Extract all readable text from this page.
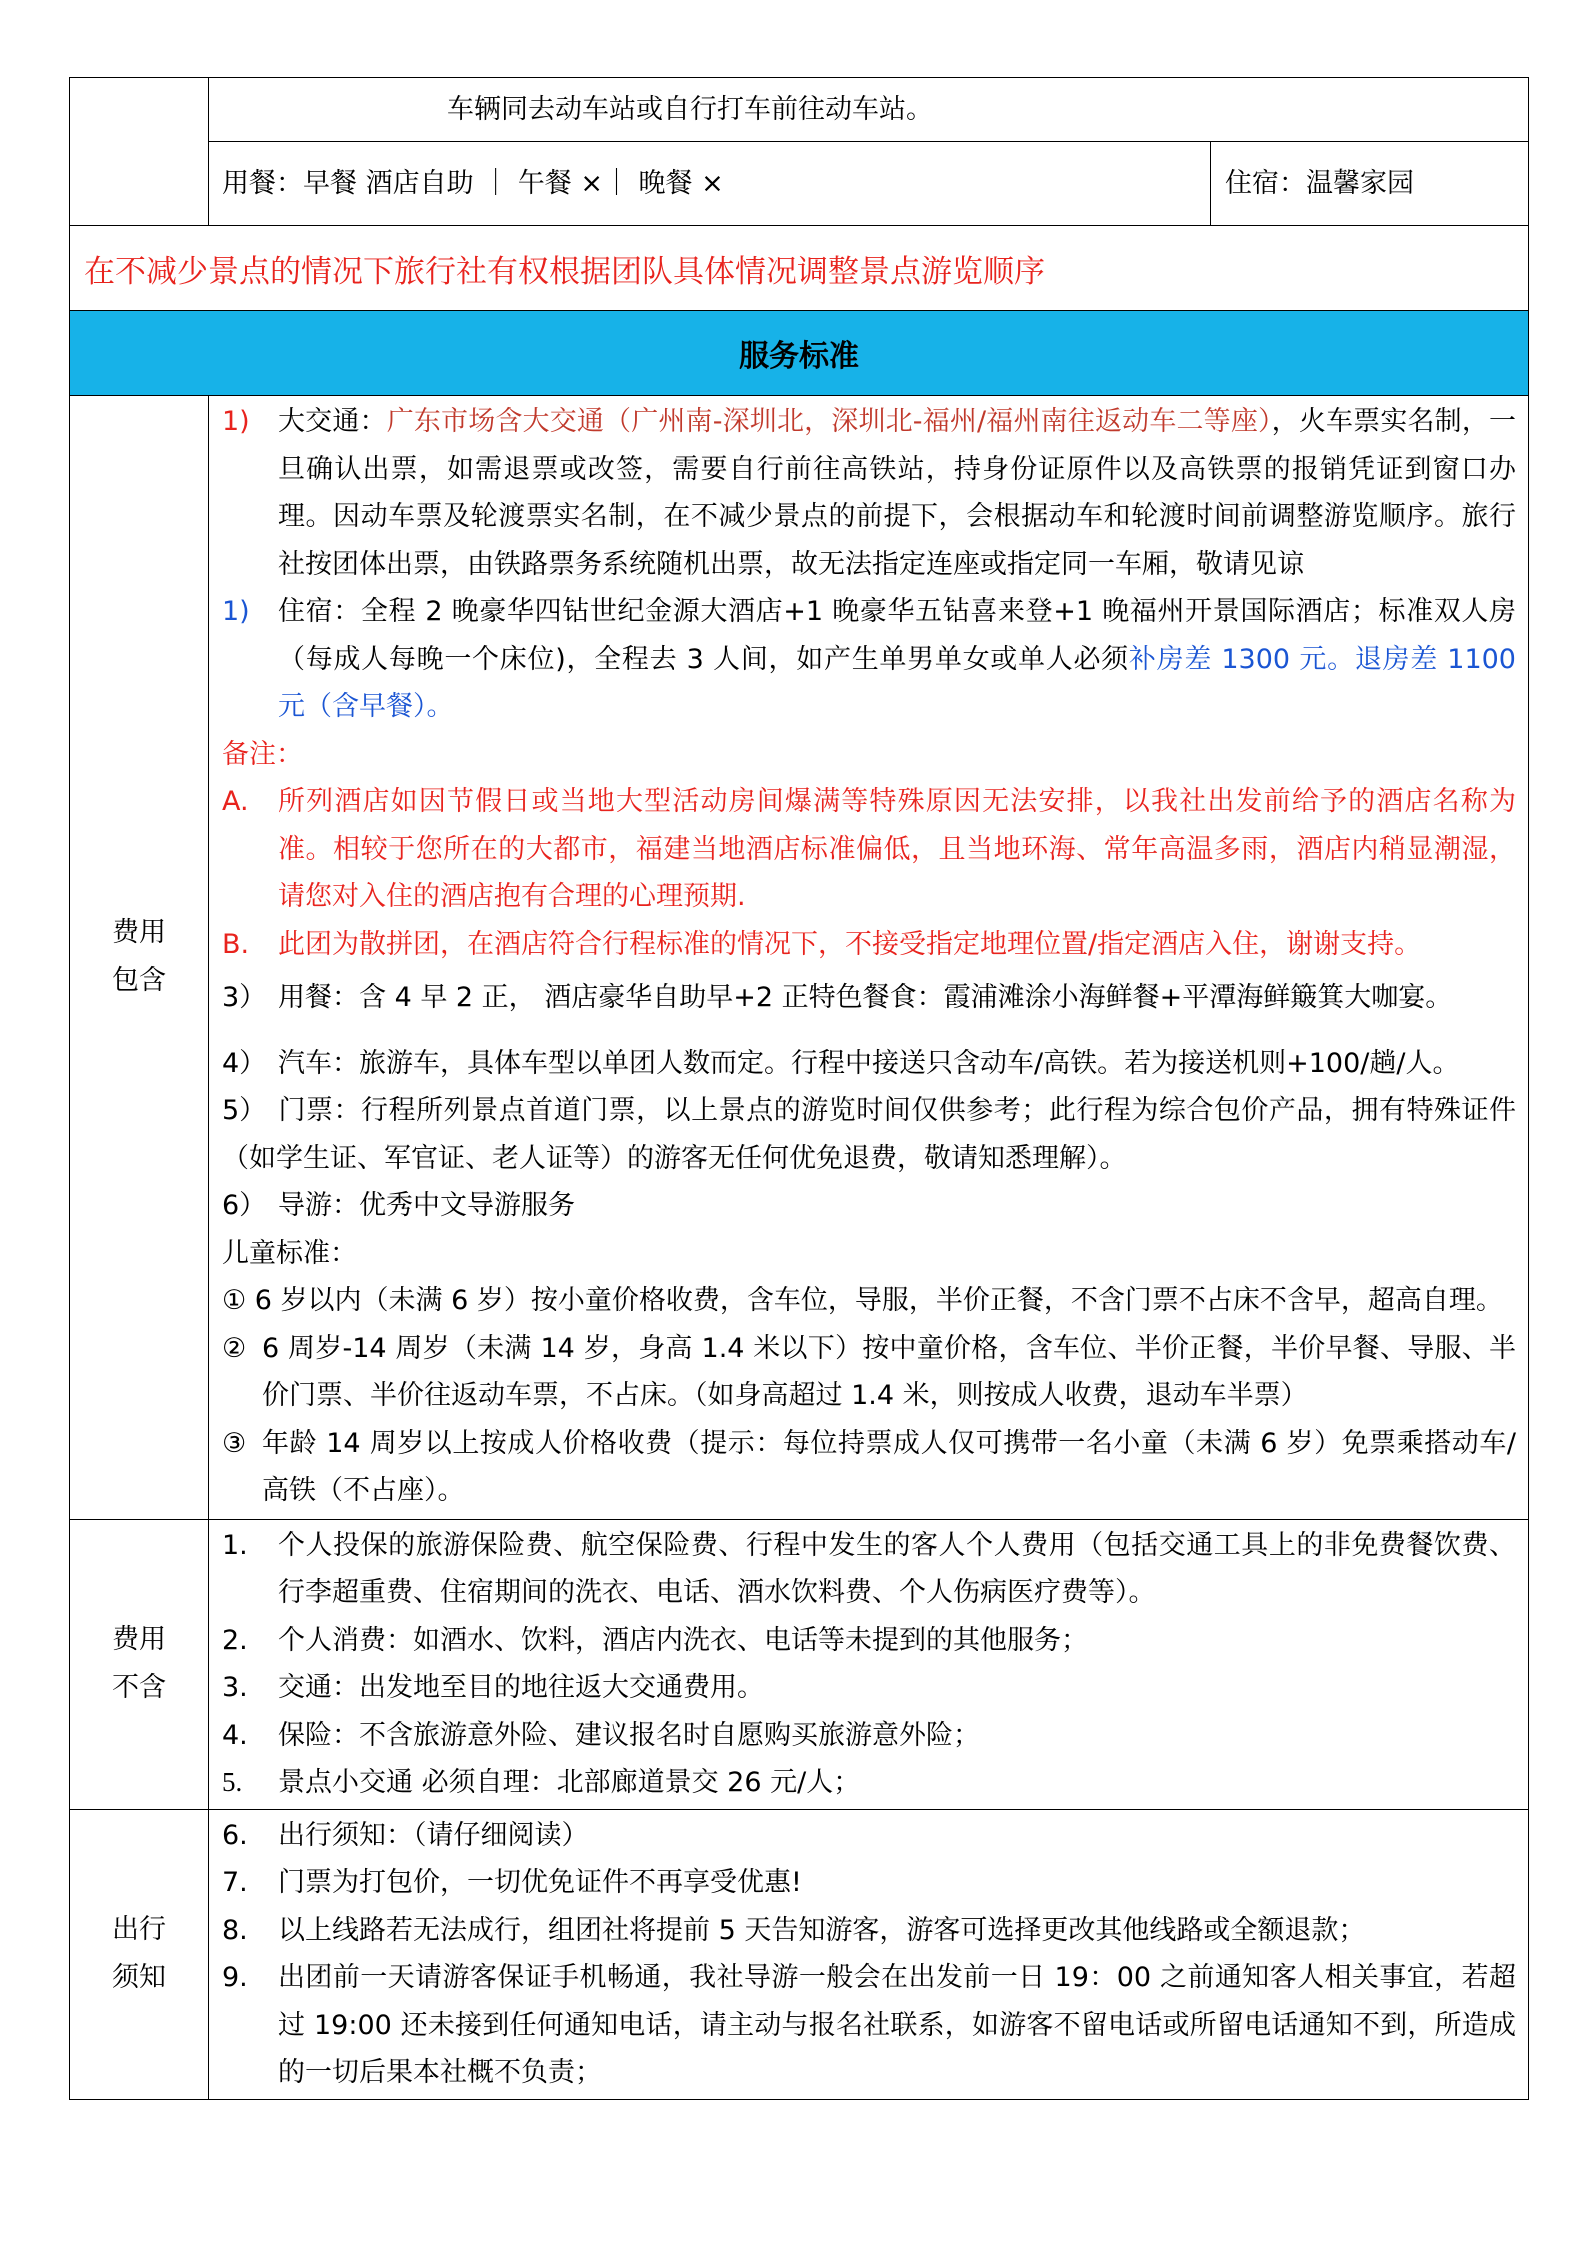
车辆同去动车站或自行打车前往动车站。
用餐：早餐 酒店自助 ｜ 午餐 ×｜ 晚餐 ×	住宿：温馨家园
在不减少景点的情况下旅行社有权根据团队具体情况调整景点游览顺序
服务标准
费用
包含
1)	大交通：广东市场含大交通（广州南-深圳北，深圳北-福州/福州南往返动车二等座），火车票实名制，一旦确认出票，如需退票或改签，需要自行前往高铁站，持身份证原件以及高铁票的报销凭证到窗口办理。因动车票及轮渡票实名制，在不减少景点的前提下，会根据动车和轮渡时间前调整游览顺序。旅行社按团体出票，由铁路票务系统随机出票，故无法指定连座或指定同一车厢，敬请见谅
1)	住宿：全程 2 晚豪华四钻世纪金源大酒店+1 晚豪华五钻喜来登+1 晚福州开景国际酒店；标准双人房（每成人每晚一个床位)，全程去 3 人间，如产生单男单女或单人必须补房差 1300 元。退房差 1100 元（含早餐）。
备注：
A.	所列酒店如因节假日或当地大型活动房间爆满等特殊原因无法安排，以我社出发前给予的酒店名称为准。相较于您所在的大都市，福建当地酒店标准偏低，且当地环海、常年高温多雨，酒店内稍显潮湿，请您对入住的酒店抱有合理的心理预期.
B.	此团为散拼团，在酒店符合行程标准的情况下，不接受指定地理位置/指定酒店入住，谢谢支持。
3） 用餐：含 4 早 2 正， 酒店豪华自助早+2 正特色餐食：霞浦滩涂小海鲜餐+平潭海鲜簸箕大咖宴。
4） 汽车：旅游车，具体车型以单团人数而定。行程中接送只含动车/高铁。若为接送机则+100/趟/人。
5） 门票：行程所列景点首道门票，以上景点的游览时间仅供参考；此行程为综合包价产品，拥有特殊证件（如学生证、军官证、老人证等）的游客无任何优免退费，敬请知悉理解）。
6） 导游：优秀中文导游服务
儿童标准：
① 6 岁以内（未满 6 岁）按小童价格收费，含车位，导服，半价正餐，不含门票不占床不含早，超高自理。
② 6 周岁-14 周岁（未满 14 岁，身高 1.4 米以下）按中童价格，含车位、半价正餐，半价早餐、导服、半价门票、半价往返动车票，不占床。（如身高超过 1.4 米，则按成人收费，退动车半票）
③ 年龄 14 周岁以上按成人价格收费（提示：每位持票成人仅可携带一名小童（未满 6 岁）免票乘搭动车/高铁（不占座）。
费用
不含
1.	个人投保的旅游保险费、航空保险费、行程中发生的客人个人费用（包括交通工具上的非免费餐饮费、行李超重费、住宿期间的洗衣、电话、酒水饮料费、个人伤病医疗费等）。
2.	个人消费：如酒水、饮料，酒店内洗衣、电话等未提到的其他服务；
3.	交通：出发地至目的地往返大交通费用。
4.	保险：不含旅游意外险、建议报名时自愿购买旅游意外险；
5.	景点小交通 必须自理：北部廊道景交 26 元/人；
出行
须知
6.	出行须知：（请仔细阅读）
7.	门票为打包价，一切优免证件不再享受优惠!
8.	以上线路若无法成行，组团社将提前 5 天告知游客，游客可选择更改其他线路或全额退款；
9.	出团前一天请游客保证手机畅通，我社导游一般会在出发前一日 19：00 之前通知客人相关事宜，若超过 19:00 还未接到任何通知电话，请主动与报名社联系，如游客不留电话或所留电话通知不到，所造成的一切后果本社概不负责；
